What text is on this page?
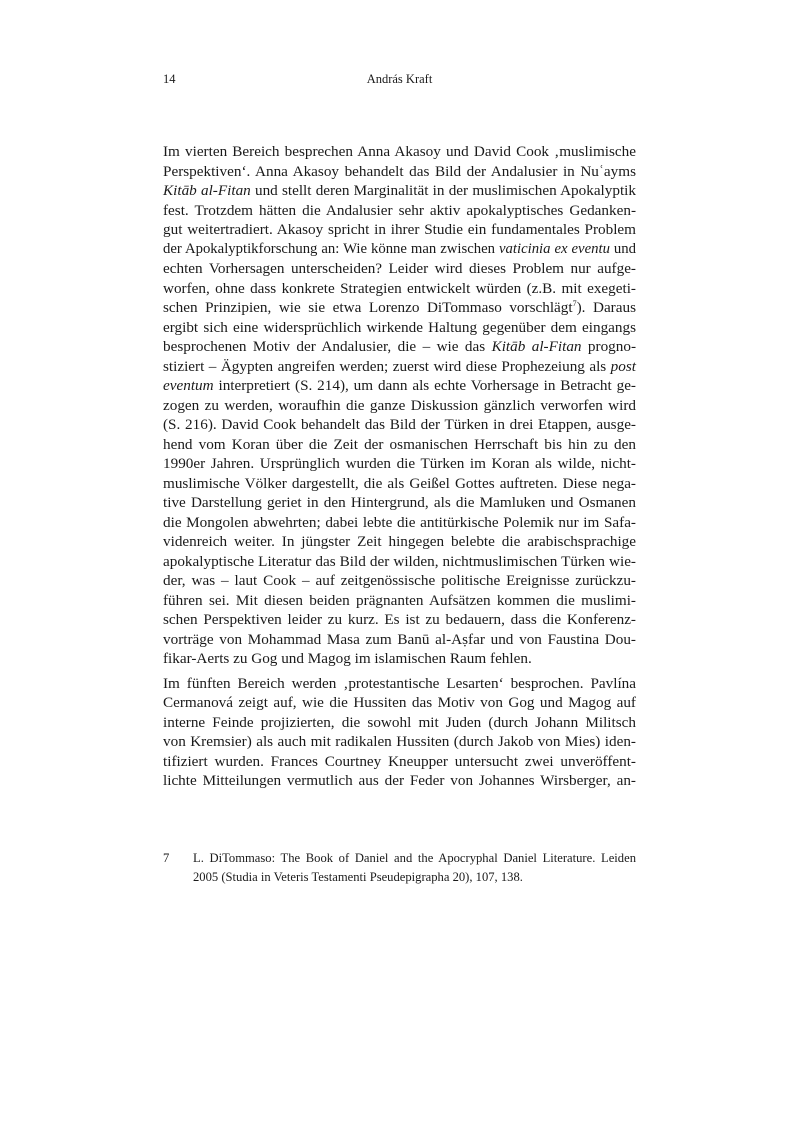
14	András Kraft
Im vierten Bereich besprechen Anna Akasoy und David Cook ‚muslimische
Perspektiven‘. Anna Akasoy behandelt das Bild der Andalusier in Nuʿayms
Kitāb al-Fitan und stellt deren Marginalität in der muslimischen Apokalyptik
fest. Trotzdem hätten die Andalusier sehr aktiv apokalyptisches Gedanken-
gut weitertradiert. Akasoy spricht in ihrer Studie ein fundamentales Problem
der Apokalyptikforschung an: Wie könne man zwischen vaticinia ex eventu und
echten Vorhersagen unterscheiden? Leider wird dieses Problem nur aufge-
worfen, ohne dass konkrete Strategien entwickelt würden (z.B. mit exegeti-
schen Prinzipien, wie sie etwa Lorenzo DiTommaso vorschlägt$^7$). Daraus
ergibt sich eine widersprüchlich wirkende Haltung gegenüber dem eingangs
besprochenen Motiv der Andalusier, die – wie das Kitāb al-Fitan progno-
stiziert – Ägypten angreifen werden; zuerst wird diese Prophezeiung als post
eventum interpretiert (S. 214), um dann als echte Vorhersage in Betracht ge-
zogen zu werden, woraufhin die ganze Diskussion gänzlich verworfen wird
(S. 216). David Cook behandelt das Bild der Türken in drei Etappen, ausge-
hend vom Koran über die Zeit der osmanischen Herrschaft bis hin zu den
1990er Jahren. Ursprünglich wurden die Türken im Koran als wilde, nicht-
muslimische Völker dargestellt, die als Geißel Gottes auftreten. Diese nega-
tive Darstellung geriet in den Hintergrund, als die Mamluken und Osmanen
die Mongolen abwehrten; dabei lebte die antitürkische Polemik nur im Safa-
videnreich weiter. In jüngster Zeit hingegen belebte die arabischsprachige
apokalyptische Literatur das Bild der wilden, nichtmuslimischen Türken wie-
der, was – laut Cook – auf zeitgenössische politische Ereignisse zurückzu-
führen sei. Mit diesen beiden prägnanten Aufsätzen kommen die muslimi-
schen Perspektiven leider zu kurz. Es ist zu bedauern, dass die Konferenz-
vorträge von Mohammad Masa zum Banū al-Aṣfar und von Faustina Dou-
fikar-Aerts zu Gog und Magog im islamischen Raum fehlen.
Im fünften Bereich werden ‚protestantische Lesarten‘ besprochen. Pavlína
Cermanová zeigt auf, wie die Hussiten das Motiv von Gog und Magog auf
interne Feinde projizierten, die sowohl mit Juden (durch Johann Militsch
von Kremsier) als auch mit radikalen Hussiten (durch Jakob von Mies) iden-
tifiziert wurden. Frances Courtney Kneupper untersucht zwei unveröffent-
lichte Mitteilungen vermutlich aus der Feder von Johannes Wirsberger, an-
7 L. DiTommaso: The Book of Daniel and the Apocryphal Daniel Literature. Leiden
2005 (Studia in Veteris Testamenti Pseudepigrapha 20), 107, 138.
